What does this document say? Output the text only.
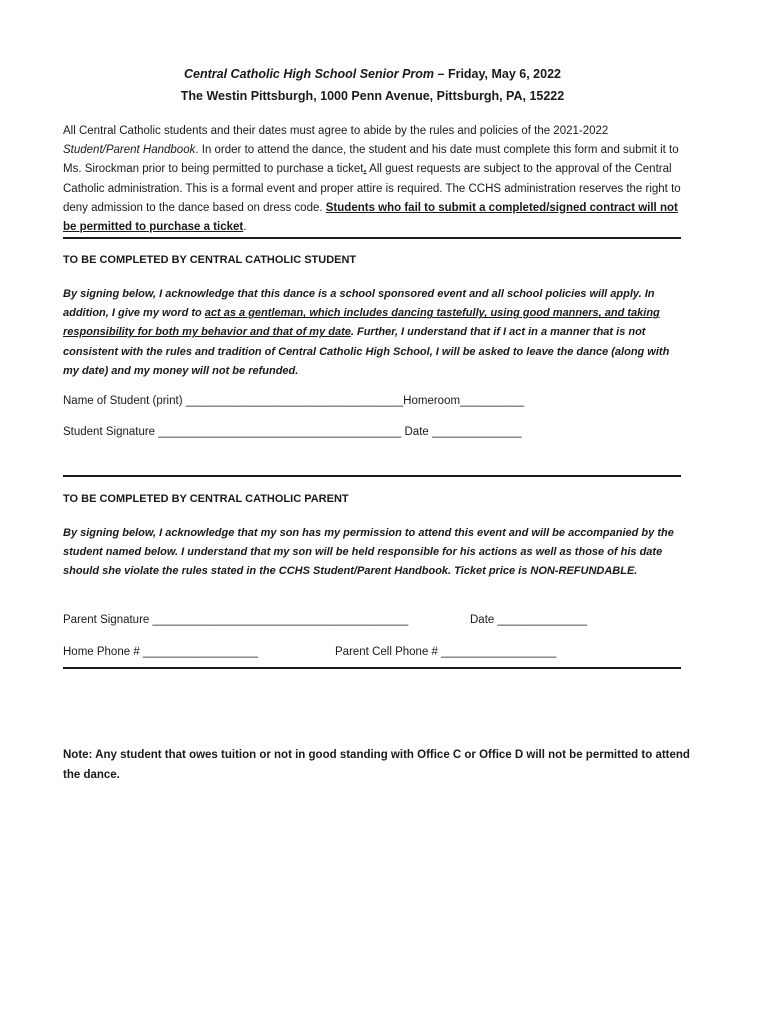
Central Catholic High School Senior Prom – Friday, May 6, 2022
The Westin Pittsburgh, 1000 Penn Avenue, Pittsburgh, PA, 15222
All Central Catholic students and their dates must agree to abide by the rules and policies of the 2021-2022 Student/Parent Handbook. In order to attend the dance, the student and his date must complete this form and submit it to Ms. Sirockman prior to being permitted to purchase a ticket. All guest requests are subject to the approval of the Central Catholic administration. This is a formal event and proper attire is required. The CCHS administration reserves the right to deny admission to the dance based on dress code. Students who fail to submit a completed/signed contract will not be permitted to purchase a ticket.
TO BE COMPLETED BY CENTRAL CATHOLIC STUDENT
By signing below, I acknowledge that this dance is a school sponsored event and all school policies will apply. In addition, I give my word to act as a gentleman, which includes dancing tastefully, using good manners, and taking responsibility for both my behavior and that of my date. Further, I understand that if I act in a manner that is not consistent with the rules and tradition of Central Catholic High School, I will be asked to leave the dance (along with my date) and my money will not be refunded.
Name of Student (print) __________________________________Homeroom__________
Student Signature ______________________________________ Date ______________
TO BE COMPLETED BY CENTRAL CATHOLIC PARENT
By signing below, I acknowledge that my son has my permission to attend this event and will be accompanied by the student named below. I understand that my son will be held responsible for his actions as well as those of his date should she violate the rules stated in the CCHS Student/Parent Handbook. Ticket price is NON-REFUNDABLE.
Parent Signature ________________________________________	Date ______________
Home Phone # __________________	Parent Cell Phone # __________________
Note: Any student that owes tuition or not in good standing with Office C or Office D will not be permitted to attend the dance.
